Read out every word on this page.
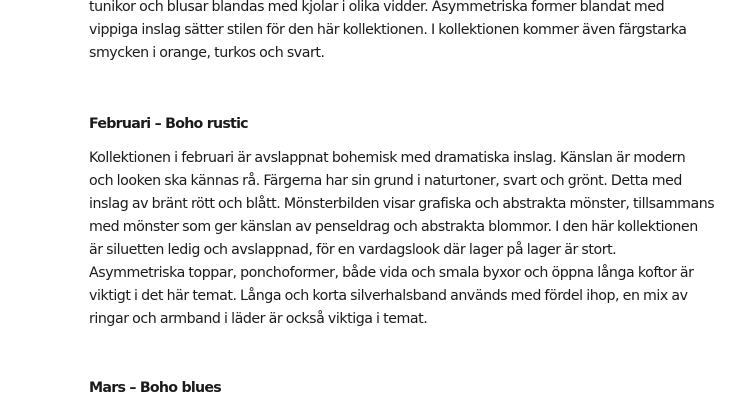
tunikor och blusar blandas med kjolar i olika vidder. Asymmetriska former blandat med
vippiga inslag sätter stilen för den här kollektionen. I kollektionen kommer även färgstarka
smycken i orange, turkos och svart.

Februari – Boho rustic

Kollektionen i februari är avslappnat bohemisk med dramatiska inslag. Känslan är modern
och looken ska kännas rå. Färgerna har sin grund i naturtoner, svart och grönt. Detta med
inslag av bränt rött och blått. Mönsterbilden visar grafiska och abstrakta mönster, tillsammans
med mönster som ger känslan av penseldrag och abstrakta blommor. I den här kollektionen
är siluetten ledig och avslappnad, för en vardagslook där lager på lager är stort.
Asymmetriska toppar, ponchoformer, både vida och smala byxor och öppna långa koftor är
viktigt i det här temat. Långa och korta silverhalsband används med fördel ihop, en mix av
ringar och armband i läder är också viktiga i temat.

Mars – Boho blues
